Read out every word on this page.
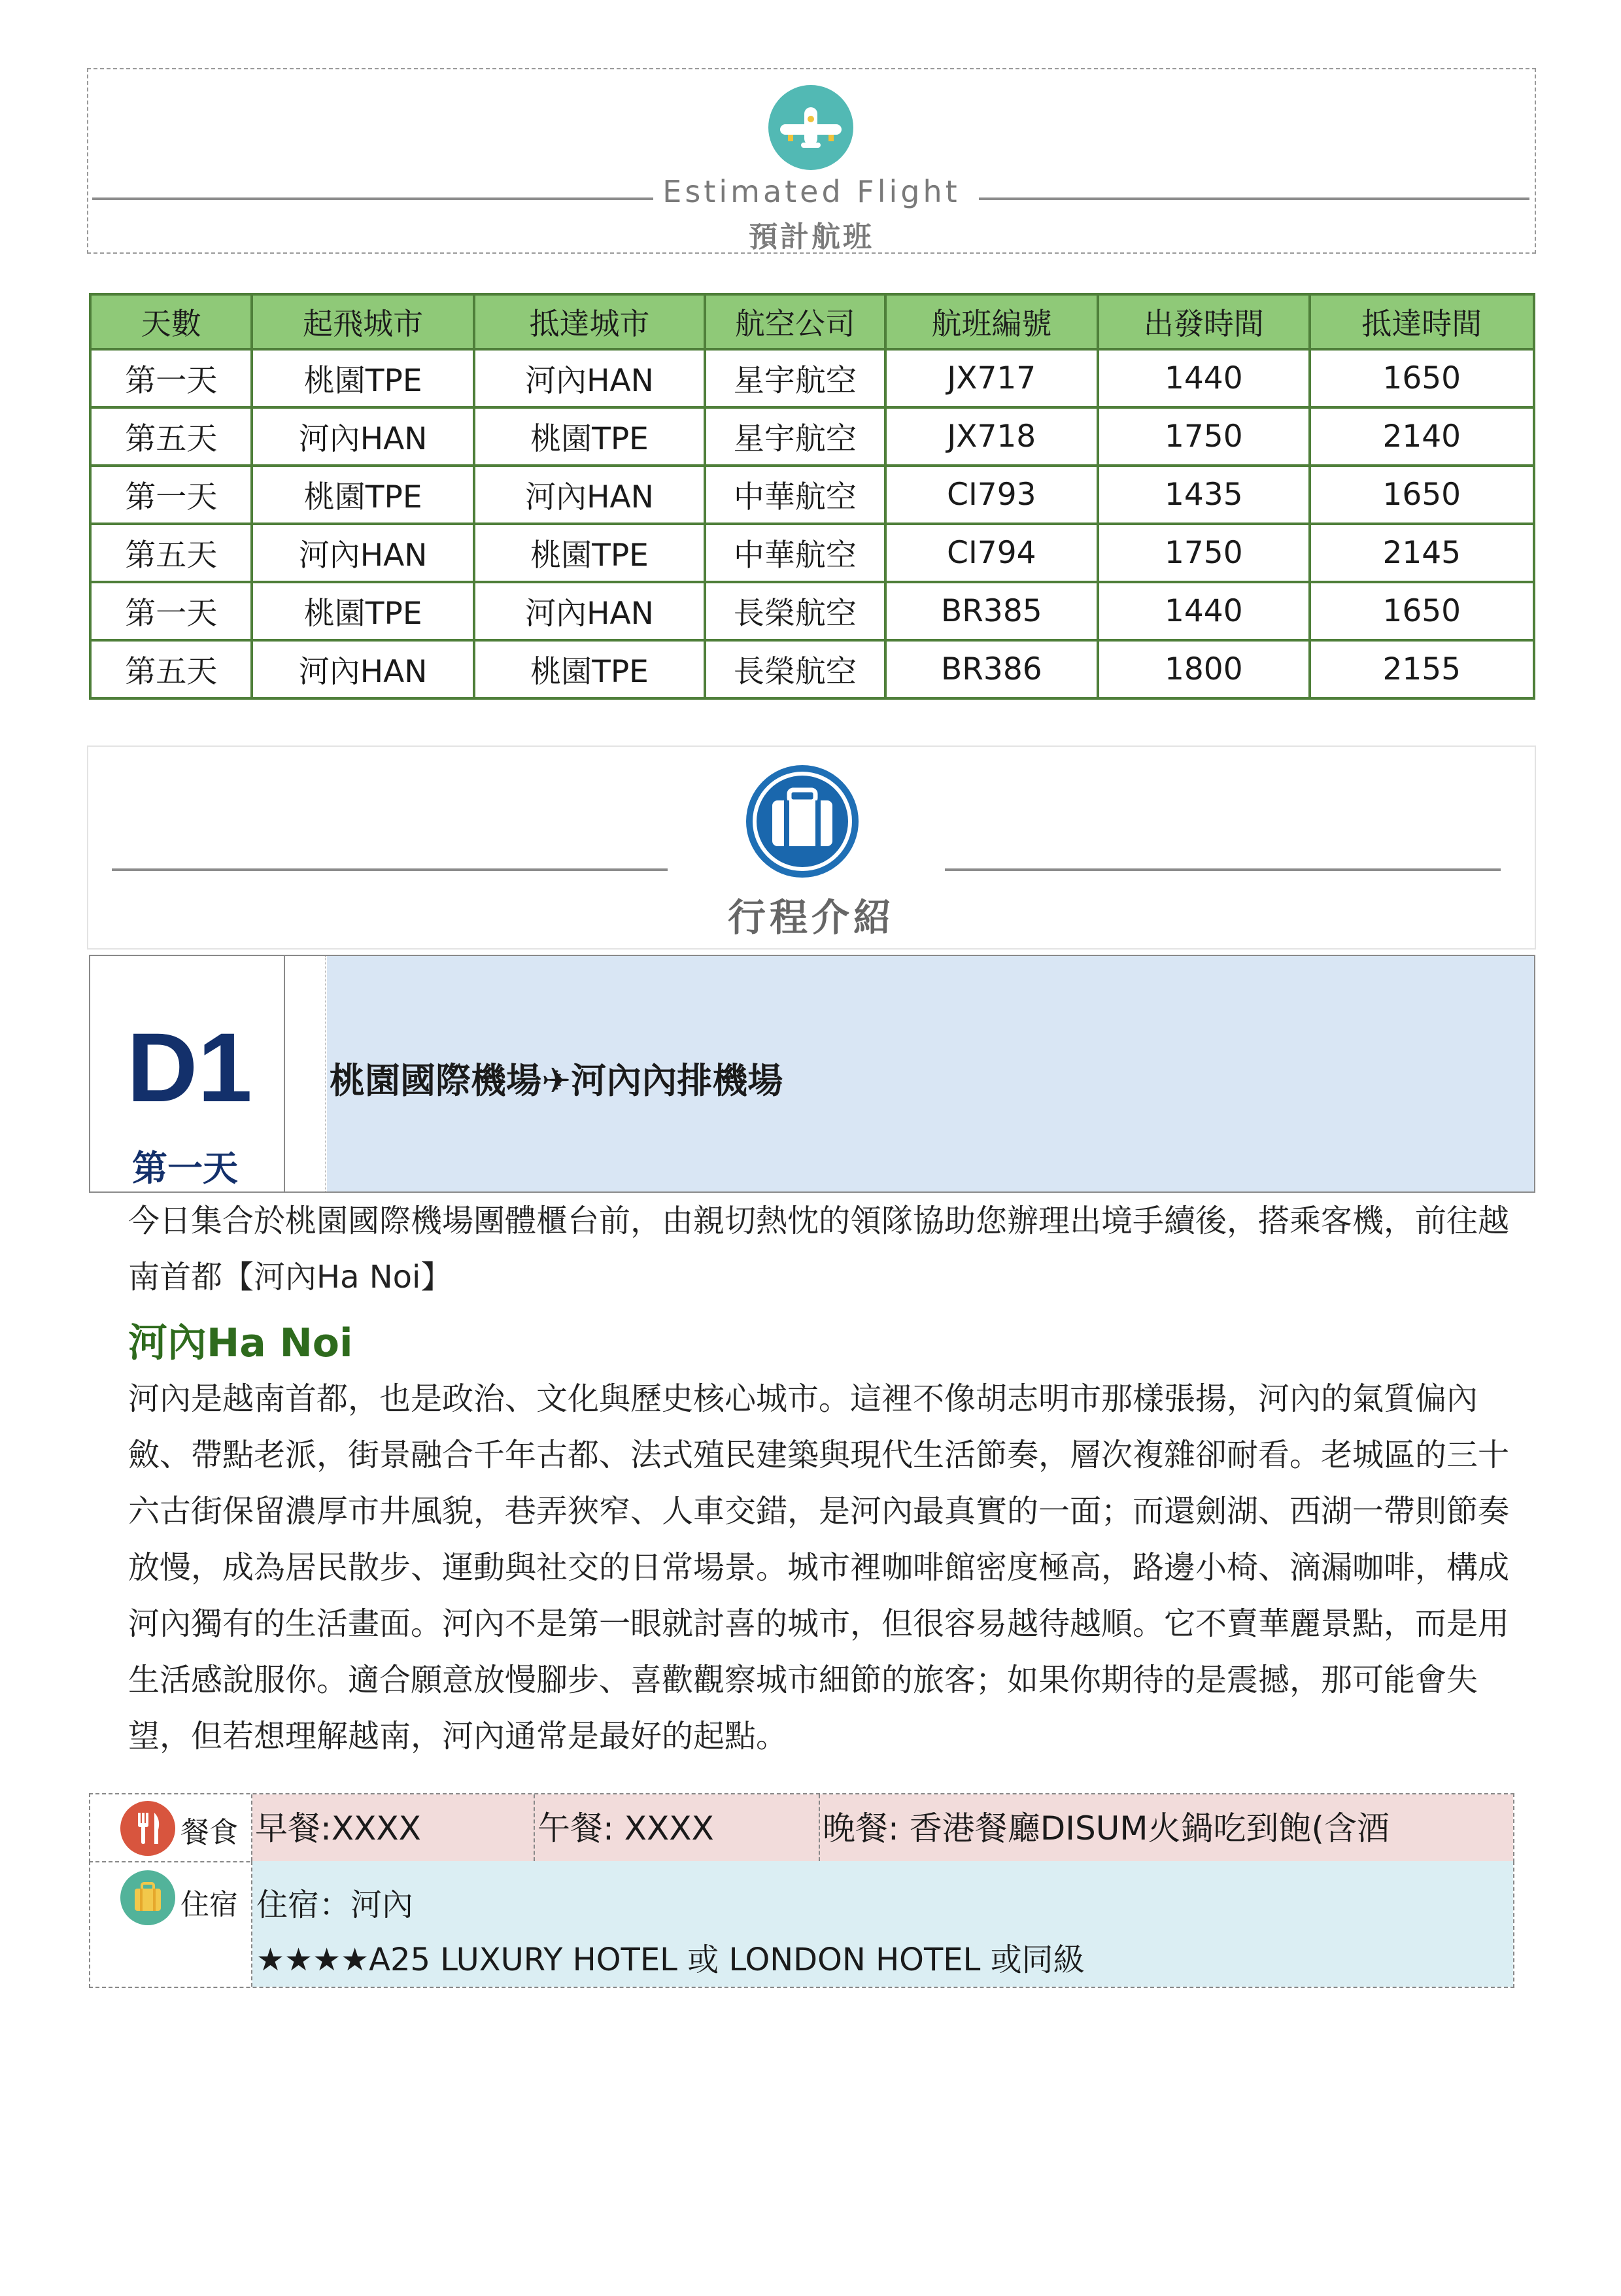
Estimated Flight
預計航班
天數	起飛城市	抵達城市	航空公司	航班編號	出發時間	抵達時間
第一天	桃園TPE	河內HAN	星宇航空	JX717	1440	1650
第五天	河內HAN	桃園TPE	星宇航空	JX718	1750	2140
第一天	桃園TPE	河內HAN	中華航空	CI793	1435	1650
第五天	河內HAN	桃園TPE	中華航空	CI794	1750	2145
第一天	桃園TPE	河內HAN	長榮航空	BR385	1440	1650
第五天	河內HAN	桃園TPE	長榮航空	BR386	1800	2155
行程介紹
D1
第一天
桃園國際機場✈河內內排機場
今日集合於桃園國際機場團體櫃台前，由親切熱忱的領隊協助您辦理出境手續後，搭乘客機，前往越
南首都【河內Ha Noi】
河內Ha Noi
河內是越南首都，也是政治、文化與歷史核心城市。這裡不像胡志明市那樣張揚，河內的氣質偏內
斂、帶點老派，街景融合千年古都、法式殖民建築與現代生活節奏，層次複雜卻耐看。老城區的三十
六古街保留濃厚市井風貌，巷弄狹窄、人車交錯，是河內最真實的一面；而還劍湖、西湖一帶則節奏
放慢，成為居民散步、運動與社交的日常場景。城市裡咖啡館密度極高，路邊小椅、滴漏咖啡，構成
河內獨有的生活畫面。河內不是第一眼就討喜的城市，但很容易越待越順。它不賣華麗景點，而是用
生活感說服你。適合願意放慢腳步、喜歡觀察城市細節的旅客；如果你期待的是震撼，那可能會失
望，但若想理解越南，河內通常是最好的起點。
餐食 早餐:XXXX	午餐: XXXX	晚餐: 香港餐廳DISUM火鍋吃到飽(含酒
住宿 住宿：河內
★★★★A25 LUXURY HOTEL 或 LONDON HOTEL 或同級
